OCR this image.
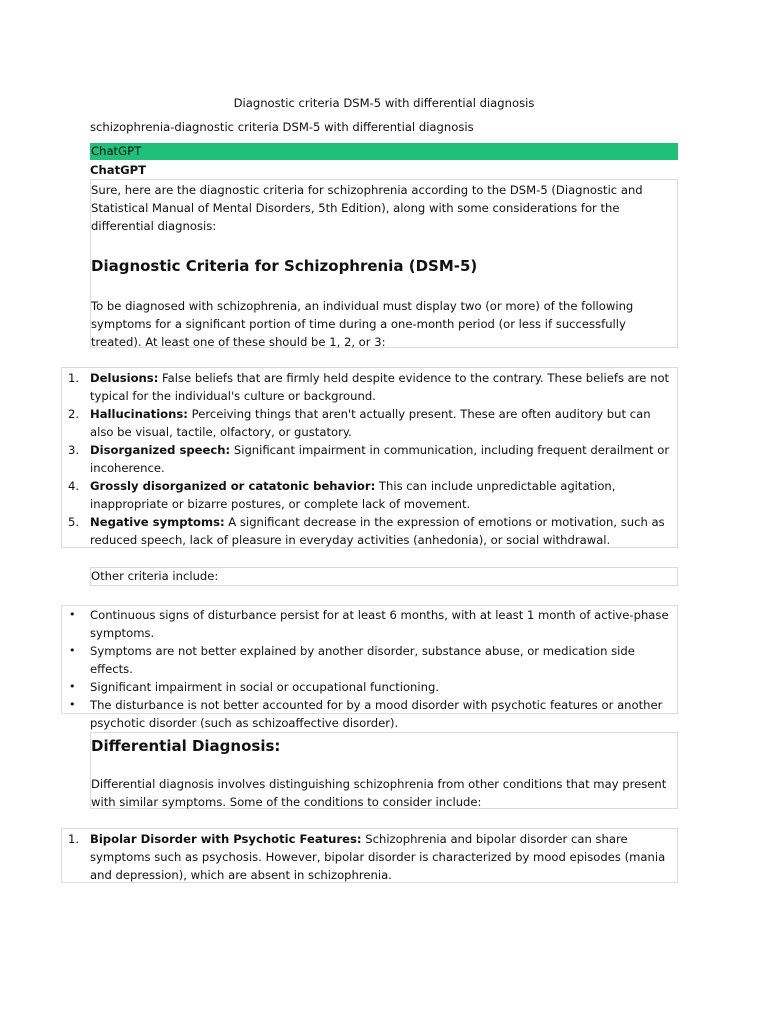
Diagnostic criteria DSM-5 with differential diagnosis
schizophrenia-diagnostic criteria DSM-5 with differential diagnosis
ChatGPT
ChatGPT

Sure, here are the diagnostic criteria for schizophrenia according to the DSM-5 (Diagnostic and Statistical Manual of Mental Disorders, 5th Edition), along with some considerations for the differential diagnosis:

Diagnostic Criteria for Schizophrenia (DSM-5)

To be diagnosed with schizophrenia, an individual must display two (or more) of the following symptoms for a significant portion of time during a one-month period (or less if successfully treated). At least one of these should be 1, 2, or 3:

1. Delusions: False beliefs that are firmly held despite evidence to the contrary. These beliefs are not typical for the individual's culture or background.
2. Hallucinations: Perceiving things that aren't actually present. These are often auditory but can also be visual, tactile, olfactory, or gustatory.
3. Disorganized speech: Significant impairment in communication, including frequent derailment or incoherence.
4. Grossly disorganized or catatonic behavior: This can include unpredictable agitation, inappropriate or bizarre postures, or complete lack of movement.
5. Negative symptoms: A significant decrease in the expression of emotions or motivation, such as reduced speech, lack of pleasure in everyday activities (anhedonia), or social withdrawal.

Other criteria include:

• Continuous signs of disturbance persist for at least 6 months, with at least 1 month of active-phase symptoms.
• Symptoms are not better explained by another disorder, substance abuse, or medication side effects.
• Significant impairment in social or occupational functioning.
• The disturbance is not better accounted for by a mood disorder with psychotic features or another psychotic disorder (such as schizoaffective disorder).
Differential Diagnosis:

Differential diagnosis involves distinguishing schizophrenia from other conditions that may present with similar symptoms. Some of the conditions to consider include:

1. Bipolar Disorder with Psychotic Features: Schizophrenia and bipolar disorder can share symptoms such as psychosis. However, bipolar disorder is characterized by mood episodes (mania and depression), which are absent in schizophrenia.
